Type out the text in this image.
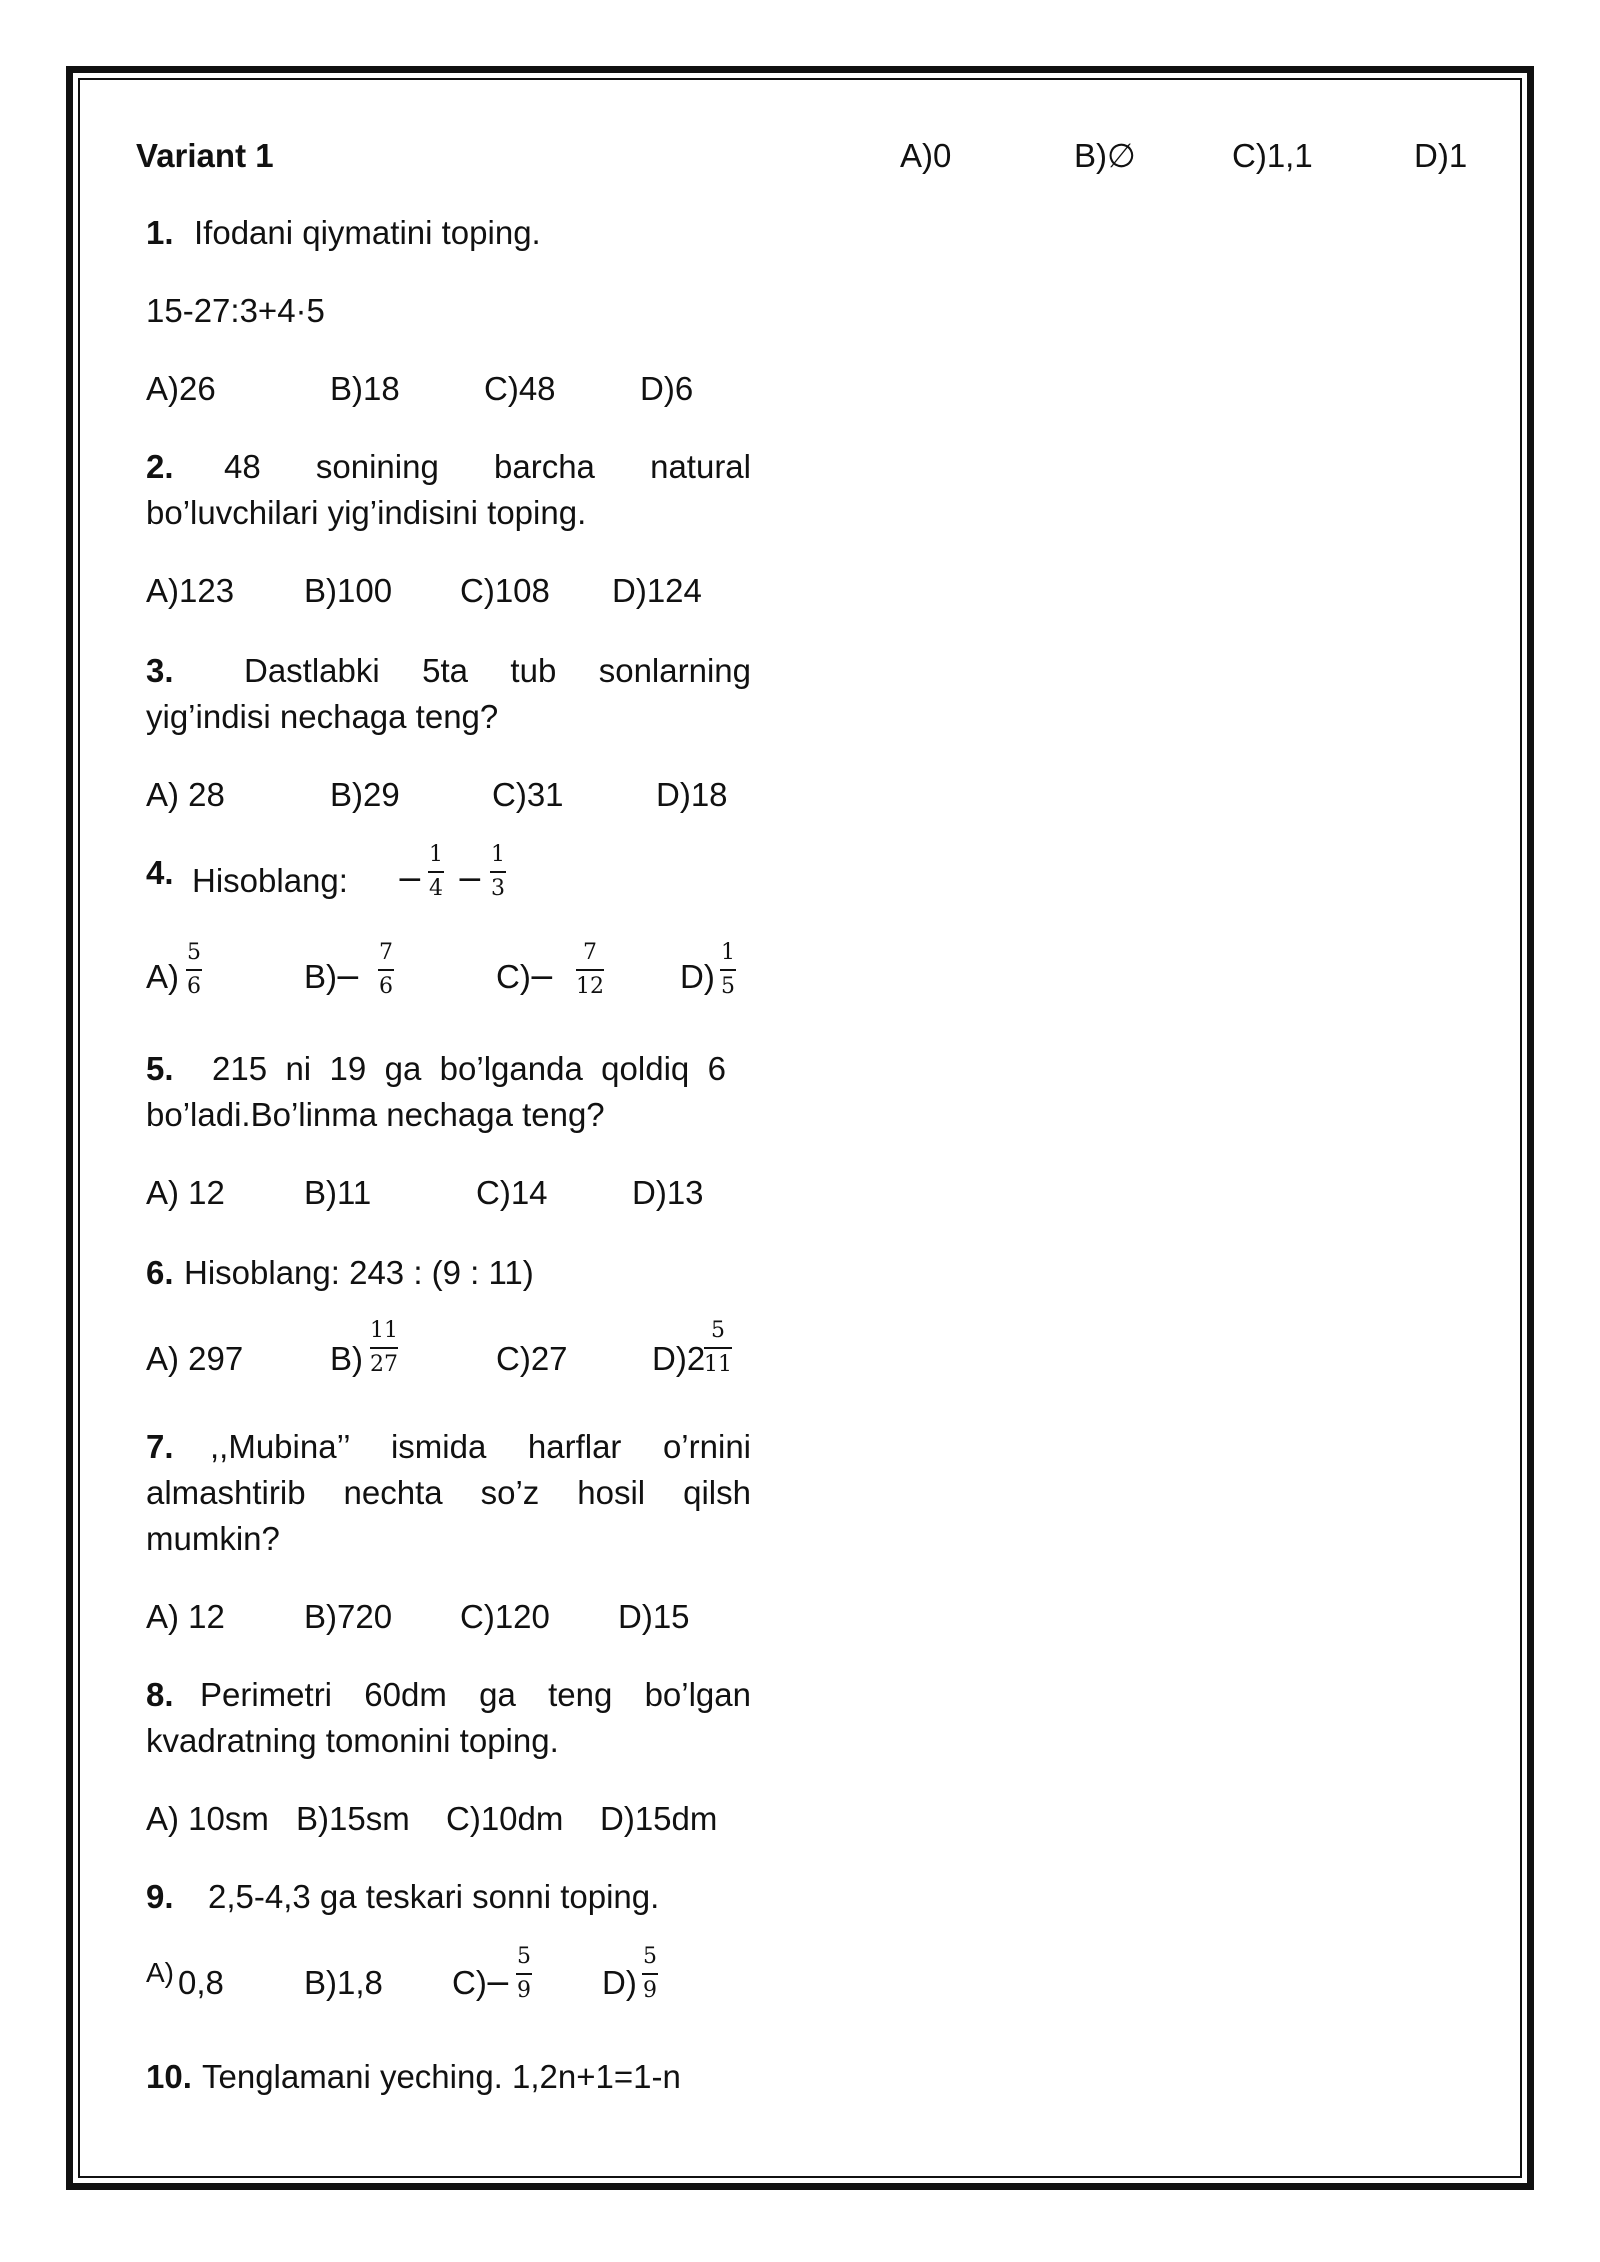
Variant 1	A)0	B)∅	C)1,1	D)1
1. Ifodani qiymatini toping.
15-27:3+4·5
A)26	B)18	C)48	D)6
2.	48 sonining barcha natural
bo’luvchilari yig’indisini toping.
A)123 B)100 C)108 D)124
3.	Dastlabki 5ta tub sonlarning
yig’indisi nechaga teng?
A) 28	B)29	C)31	D)18
4. Hisoblang: −
1
4 −
1
3
A)
5
6	B)
−
7
6	C)
−
7
12 D)
1
5
5.	215 ni 19 ga bo’lganda qoldiq 6
bo’ladi.Bo’linma nechaga teng?
A) 12 B)11	C)14	D)13
6. Hisoblang: 243 : (9 : 11)
A) 297	B)
11
27	C)27	D)2
5
11
7.	,,Mubina’’ ismida harflar o’rnini
almashtirib nechta so’z hosil qilsh
mumkin?
A) 12 B)720 C)120 D)15
8. Perimetri 60dm ga teng bo’lgan
kvadratning tomonini toping.
A) 10sm B)15sm C)10dm D)15dm
9. 2,5-4,3 ga teskari sonni toping.
A) 0,8 B)1,8 C)
−
5
9 D)
5
9
10. Tenglamani yeching. 1,2n+1=1-n
